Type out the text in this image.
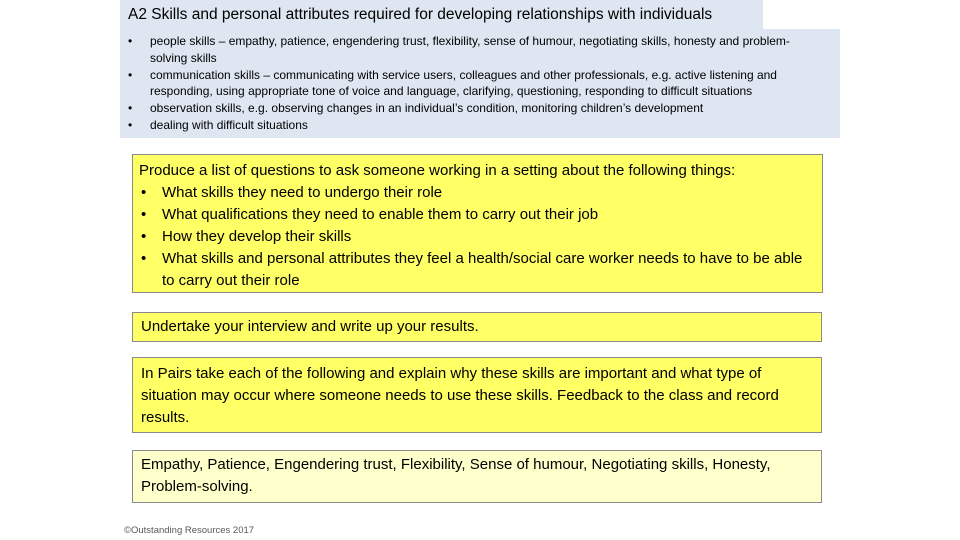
A2 Skills and personal attributes required for developing relationships with individuals
• people skills – empathy, patience, engendering trust, flexibility, sense of humour, negotiating skills, honesty and problem-solving skills
• communication skills – communicating with service users, colleagues and other professionals, e.g. active listening and responding, using appropriate tone of voice and language, clarifying, questioning, responding to difficult situations
• observation skills, e.g. observing changes in an individual’s condition, monitoring children’s development
• dealing with difficult situations
Produce a list of questions to ask someone working in a setting about the following things:
• What skills they need to undergo their role
• What qualifications they need to enable them to carry out their job
• How they develop their skills
• What skills and personal attributes they feel a health/social care worker needs to have to be able to carry out their role
Undertake your interview and write up your results.
In Pairs take each of the following and explain why these skills are important and what type of situation may occur where someone needs to use these skills. Feedback to the class and record results.
Empathy, Patience, Engendering trust, Flexibility, Sense of humour, Negotiating skills, Honesty, Problem-solving.
©Outstanding Resources 2017
